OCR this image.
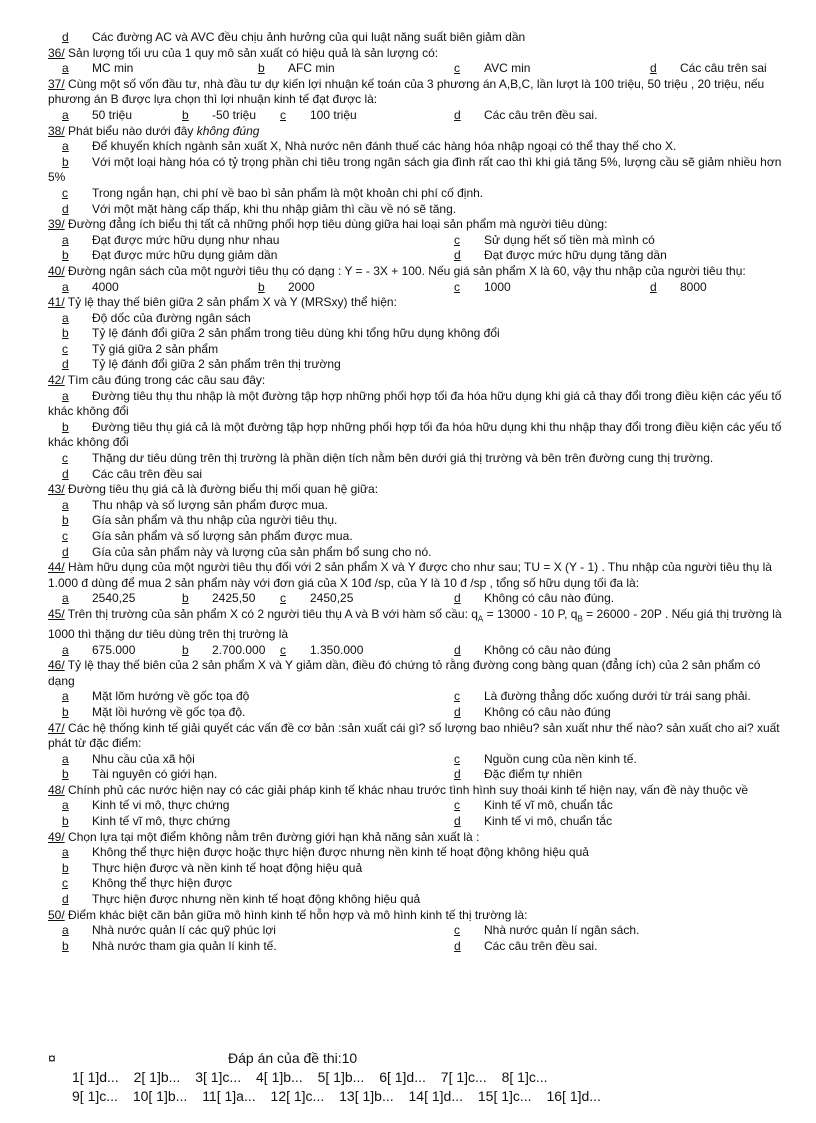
d	Các đường AC và AVC đều chịu ảnh hưởng của qui luật năng suất biên giảm dần
36/ Sản lượng tối ưu của 1 quy mô sản xuất có hiệu quả là sản lượng có:
a	MC min	b	AFC min	c	AVC min	d	Các câu trên sai
37/ Cùng một số vốn đầu tư, nhà đầu tư dự kiến lợi nhuận kế toán của 3 phương án A,B,C, lần lượt là 100 triệu, 50 triệu , 20 triệu, nếu phương án B được lựa chọn thì lợi nhuận kinh tế đạt được là:
a	50 triệu	b	-50 triệu c	100 triệu	d	Các câu trên đều sai.
38/ Phát biểu nào dưới đây không đúng
a	Để khuyến khích ngành sản xuất X, Nhà nước nên đánh thuế các hàng hóa nhập ngoại có thể thay thế cho X.
b	Với một loại hàng hóa có tỷ trọng phần chi tiêu trong ngân sách gia đình rất cao thì khi giá tăng 5%, lượng cầu sẽ giảm nhiều hơn 5%
c	Trong ngắn hạn, chi phí về bao bì sản phẩm là một khoản chi phí cố định.
d	Với một mặt hàng cấp thấp, khi thu nhập giảm thì cầu về nó sẽ tăng.
39/ Đường đẳng ích biểu thị tất cả những phối hợp tiêu dùng giữa hai loại sản phẩm mà người tiêu dùng:
a	Đạt được mức hữu dụng như nhau	c	Sử dụng hết số tiền mà mình có
b	Đạt được mức hữu dụng giảm dần	d	Đạt được mức hữu dụng tăng dần
40/ Đường ngân sách của một người tiêu thụ có dạng : Y = - 3X + 100. Nếu giá sản phẩm X là 60, vậy thu nhập của người tiêu thụ:
a	4000	b	2000	c	1000	d	8000
41/ Tỷ lệ thay thế biên giữa 2 sản phẩm X và Y (MRSxy) thể hiện:
a	Độ dốc của đường ngân sách
b	Tỷ lệ đánh đổi giữa 2 sản phẩm trong tiêu dùng khi tổng hữu dụng không đổi
c	Tỷ giá giữa 2 sản phẩm
d	Tỷ lệ đánh đổi giữa 2 sản phẩm trên thị trường
42/ Tìm câu đúng trong các câu sau đây:
a	Đường tiêu thụ thu nhập là một đường tập hợp những phối hợp tối đa hóa hữu dụng khi giá cả thay đổi trong điều kiện các yếu tố khác không đổi
b	Đường tiêu thụ giá cả là một đường tập hợp những phối hợp tối đa hóa hữu dụng khi thu nhập thay đổi trong điều kiện các yếu tố khác không đổi
c	Thặng dư tiêu dùng trên thị trường là phần diện tích nằm bên dưới giá thị trường và bên trên đường cung thị trường.
d	Các câu trên đều sai
43/ Đường tiêu thụ giá cả là đường biểu thị mối quan hệ giữa:
a	Thu nhập và số lượng sản phẩm được mua.
b	Gía sản phẩm và thu nhập của người tiêu thụ.
c	Gía sản phẩm và số lượng sản phẩm được mua.
d	Gía của sản phẩm này và lượng của sản phẩm bổ sung cho nó.
44/ Hàm hữu dụng của một người tiêu thụ đối với 2 sản phẩm X và Y được cho như sau; TU = X (Y - 1) . Thu nhập của người tiêu thụ là 1.000 đ dùng để mua 2 sản phẩm này với đơn giá của X 10đ /sp, của Y là 10 đ /sp , tổng số hữu dụng tối đa là:
a	2540,25	b	2425,50 c	2450,25	d	Không có câu nào đúng.
45/ Trên thị trường của sản phẩm X có 2 người tiêu thụ A và B với hàm số cầu: $q_A = 13000 - 10$ P, $q_B = 26000 - 20P$ . Nếu giá thị trường là 1000 thì thặng dư tiêu dùng trên thị trường là
a	675.000	b	2.700.000 c	1.350.000	d	Không có câu nào đúng
46/ Tỷ lệ thay thế biên của 2 sản phẩm X và Y giảm dần, điều đó chứng tỏ rằng đường cong bàng quan (đẳng ích) của 2 sản phẩm có dạng
a	Mặt lõm hướng về gốc tọa độ	c	Là đường thẳng dốc xuống dưới từ trái sang phải.
b	Mặt lồi hướng về gốc tọa độ.	d	Không có câu nào đúng
47/ Các hệ thống kinh tế giải quyết các vấn đề cơ bản :sản xuất cái gì? số lượng bao nhiêu? sản xuất như thế nào? sản xuất cho ai? xuất phát từ đặc điểm:
a	Nhu cầu của xã hội	c	Nguồn cung của nền kinh tế.
b	Tài nguyên có giới hạn.	d	Đặc điểm tự nhiên
48/ Chính phủ các nước hiện nay có các giải pháp kinh tế khác nhau trước tình hình suy thoái kinh tế hiện nay, vấn đề này thuộc về
a	Kinh tế vi mô, thực chứng	c	Kinh tế vĩ mô, chuẩn tắc
b	Kinh tế vĩ mô, thực chứng	d	Kinh tế vi mô, chuẩn tắc
49/ Chọn lựa tại một điểm không nằm trên đường giới hạn khả năng sản xuất là :
a	Không thể thực hiện được hoặc thực hiện được nhưng nền kinh tế hoạt động không hiệu quả
b	Thực hiện được và nền kinh tế hoạt động hiệu quả
c	Không thể thực hiện được
d	Thực hiện được nhưng nền kinh tế hoạt động không hiệu quả
50/ Điểm khác biệt căn bản giữa mô hình kinh tế hỗn hợp và mô hình kinh tế thị trường là:
a	Nhà nước quản lí các quỹ phúc lợi	c	Nhà nước quản lí ngân sách.
b	Nhà nước tham gia quản lí kinh tế.	d	Các câu trên đều sai.
¤	Đáp án của đề thi:10
1[ 1]d... 2[ 1]b... 3[ 1]c... 4[ 1]b... 5[ 1]b... 6[ 1]d... 7[ 1]c... 8[ 1]c...
9[ 1]c... 10[ 1]b... 11[ 1]a... 12[ 1]c... 13[ 1]b... 14[ 1]d... 15[ 1]c... 16[ 1]d...
